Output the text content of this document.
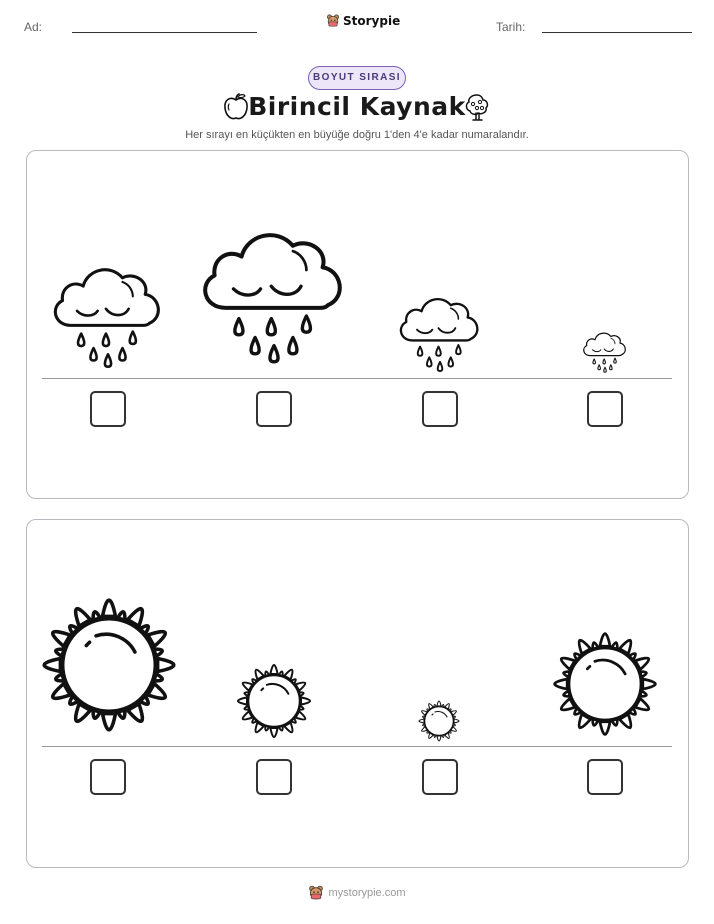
Ad:	Storypie	Tarih:
BOYUT SIRASI
Birincil Kaynak
Her sırayı en küçükten en büyüğe doğru 1'den 4'e kadar numaralandır.
mystorypie.com
